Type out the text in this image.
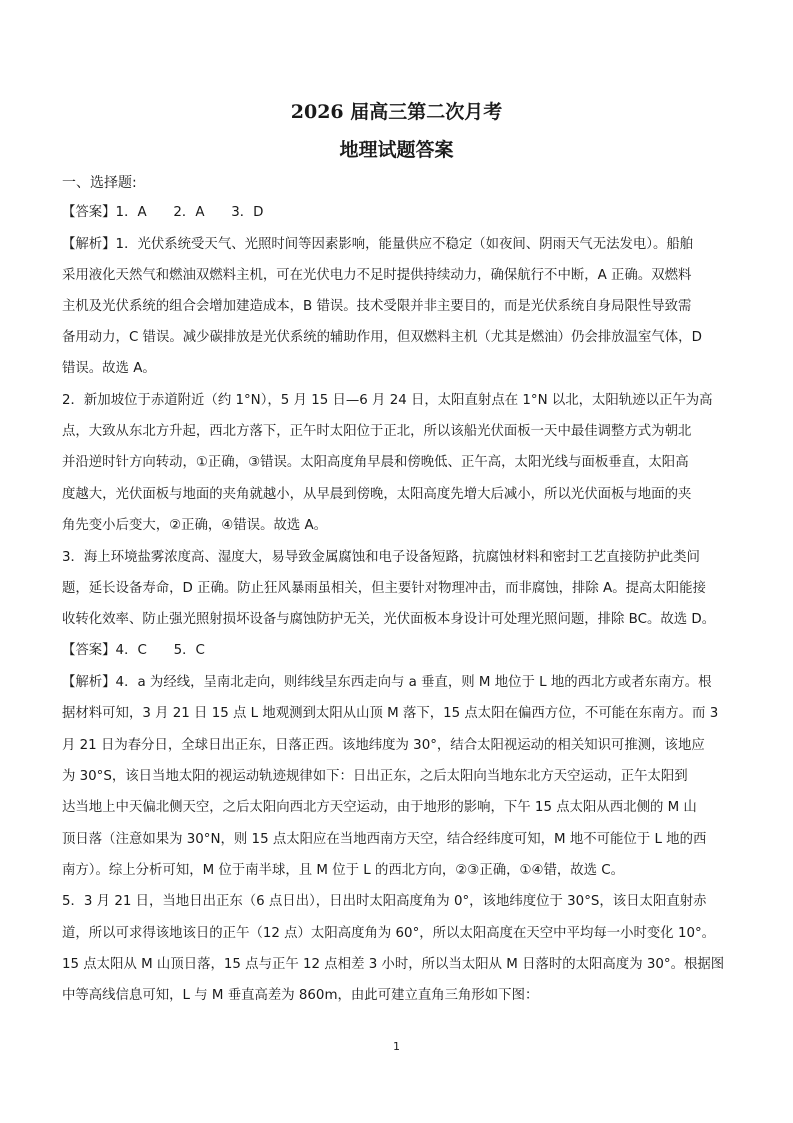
2026 届高三第二次月考
地理试题答案
一、选择题:
【答案】1．A　　2．A　　3．D
【解析】1．光伏系统受天气、光照时间等因素影响，能量供应不稳定（如夜间、阴雨天气无法发电）。船舶
采用液化天然气和燃油双燃料主机，可在光伏电力不足时提供持续动力，确保航行不中断，A 正确。双燃料
主机及光伏系统的组合会增加建造成本，B 错误。技术受限并非主要目的，而是光伏系统自身局限性导致需
备用动力，C 错误。减少碳排放是光伏系统的辅助作用，但双燃料主机（尤其是燃油）仍会排放温室气体，D
错误。故选 A。
2．新加坡位于赤道附近（约 1°N），5 月 15 日—6 月 24 日，太阳直射点在 1°N 以北，太阳轨迹以正午为高
点，大致从东北方升起，西北方落下，正午时太阳位于正北，所以该船光伏面板一天中最佳调整方式为朝北
并沿逆时针方向转动，①正确，③错误。太阳高度角早晨和傍晚低、正午高，太阳光线与面板垂直，太阳高
度越大，光伏面板与地面的夹角就越小，从早晨到傍晚，太阳高度先增大后减小，所以光伏面板与地面的夹
角先变小后变大，②正确，④错误。故选 A。
3．海上环境盐雾浓度高、湿度大，易导致金属腐蚀和电子设备短路，抗腐蚀材料和密封工艺直接防护此类问
题，延长设备寿命，D 正确。防止狂风暴雨虽相关，但主要针对物理冲击，而非腐蚀，排除 A。提高太阳能接
收转化效率、防止强光照射损坏设备与腐蚀防护无关，光伏面板本身设计可处理光照问题，排除 BC。故选 D。
【答案】4．C　　5．C
【解析】4．a 为经线，呈南北走向，则纬线呈东西走向与 a 垂直，则 M 地位于 L 地的西北方或者东南方。根
据材料可知，3 月 21 日 15 点 L 地观测到太阳从山顶 M 落下，15 点太阳在偏西方位，不可能在东南方。而 3
月 21 日为春分日，全球日出正东，日落正西。该地纬度为 30°，结合太阳视运动的相关知识可推测，该地应
为 30°S，该日当地太阳的视运动轨迹规律如下：日出正东，之后太阳向当地东北方天空运动，正午太阳到
达当地上中天偏北侧天空，之后太阳向西北方天空运动，由于地形的影响，下午 15 点太阳从西北侧的 M 山
顶日落（注意如果为 30°N，则 15 点太阳应在当地西南方天空，结合经纬度可知，M 地不可能位于 L 地的西
南方）。综上分析可知，M 位于南半球，且 M 位于 L 的西北方向，②③正确，①④错，故选 C。
5．3 月 21 日，当地日出正东（6 点日出），日出时太阳高度角为 0°，该地纬度位于 30°S，该日太阳直射赤
道，所以可求得该地该日的正午（12 点）太阳高度角为 60°，所以太阳高度在天空中平均每一小时变化 10°。
15 点太阳从 M 山顶日落，15 点与正午 12 点相差 3 小时，所以当太阳从 M 日落时的太阳高度为 30°。根据图
中等高线信息可知，L 与 M 垂直高差为 860m，由此可建立直角三角形如下图：
1
